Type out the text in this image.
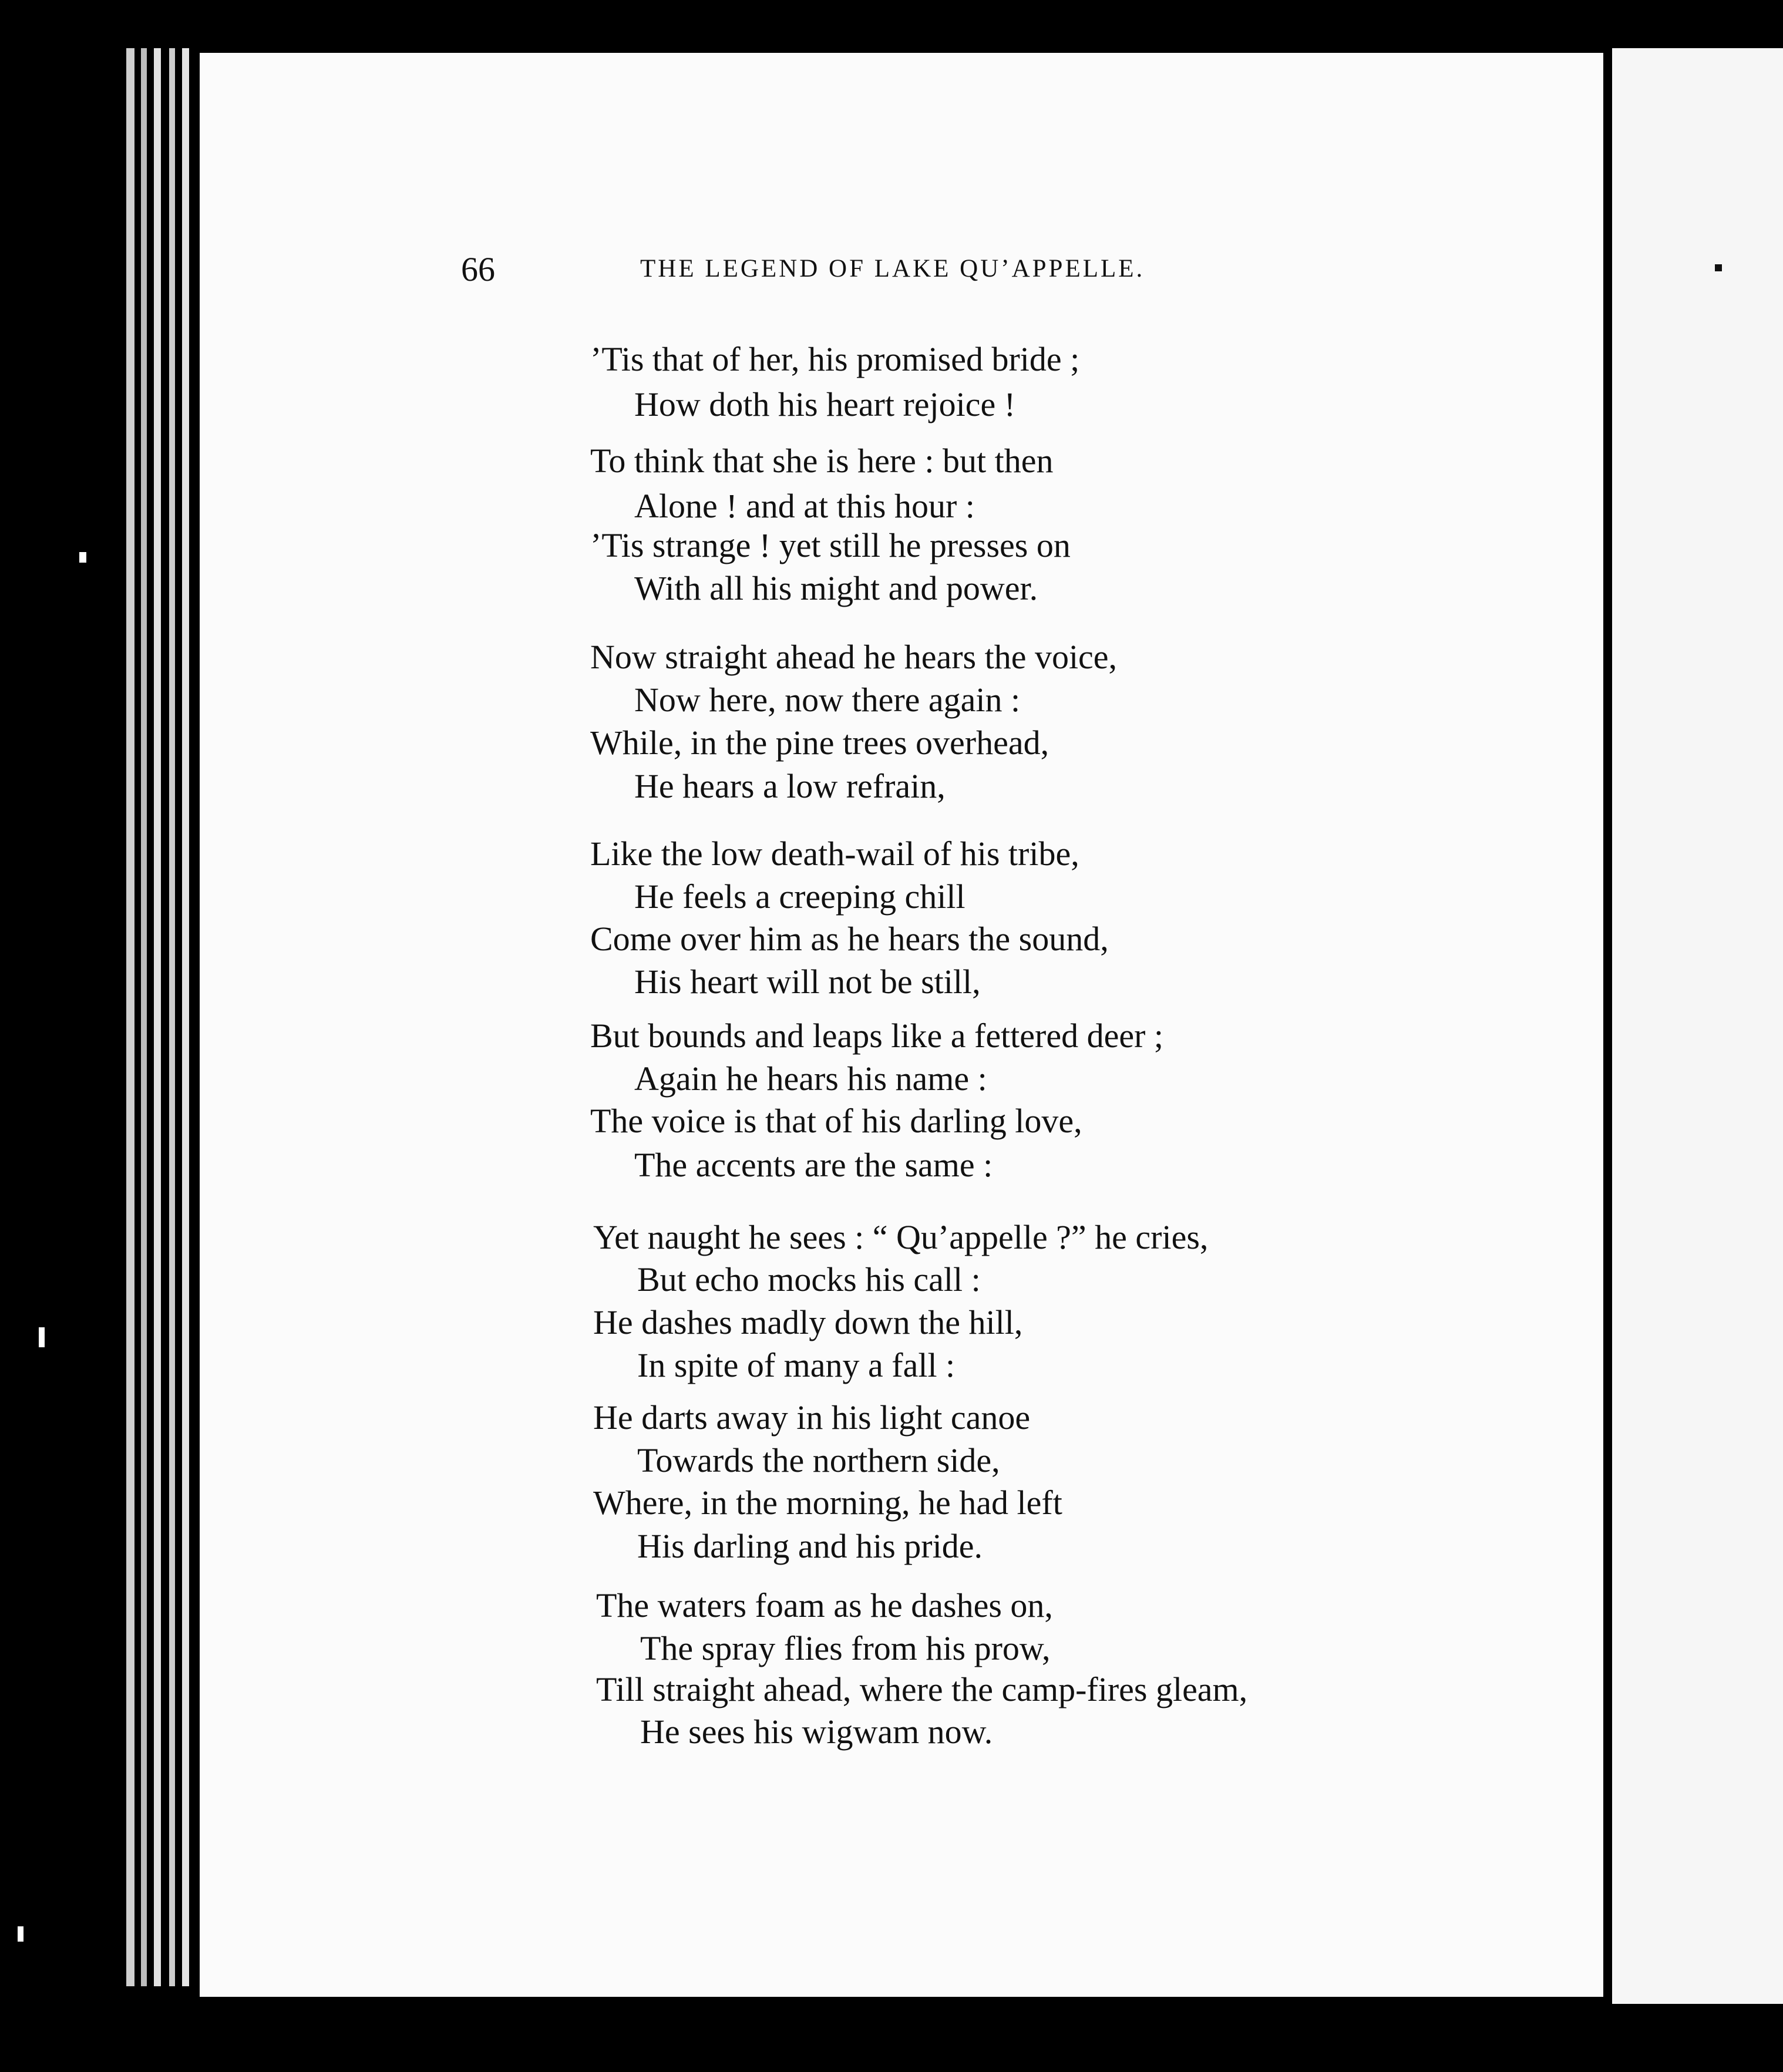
66	THE LEGEND OF LAKE QU’APPELLE.
’Tis that of her, his promised bride ;
How doth his heart rejoice !
To think that she is here : but then
Alone ! and at this hour :
’Tis strange ! yet still he presses on
With all his might and power.
Now straight ahead he hears the voice,
Now here, now there again :
While, in the pine trees overhead,
He hears a low refrain,
Like the low death-wail of his tribe,
He feels a creeping chill
Come over him as he hears the sound,
His heart will not be still,
But bounds and leaps like a fettered deer ;
Again he hears his name :
The voice is that of his darling love,
The accents are the same :
Yet naught he sees : “ Qu’appelle ?” he cries,
But echo mocks his call :
He dashes madly down the hill,
In spite of many a fall :
He darts away in his light canoe
Towards the northern side,
Where, in the morning, he had left
His darling and his pride.
The waters foam as he dashes on,
The spray flies from his prow,
Till straight ahead, where the camp-fires gleam,
He sees his wigwam now.
